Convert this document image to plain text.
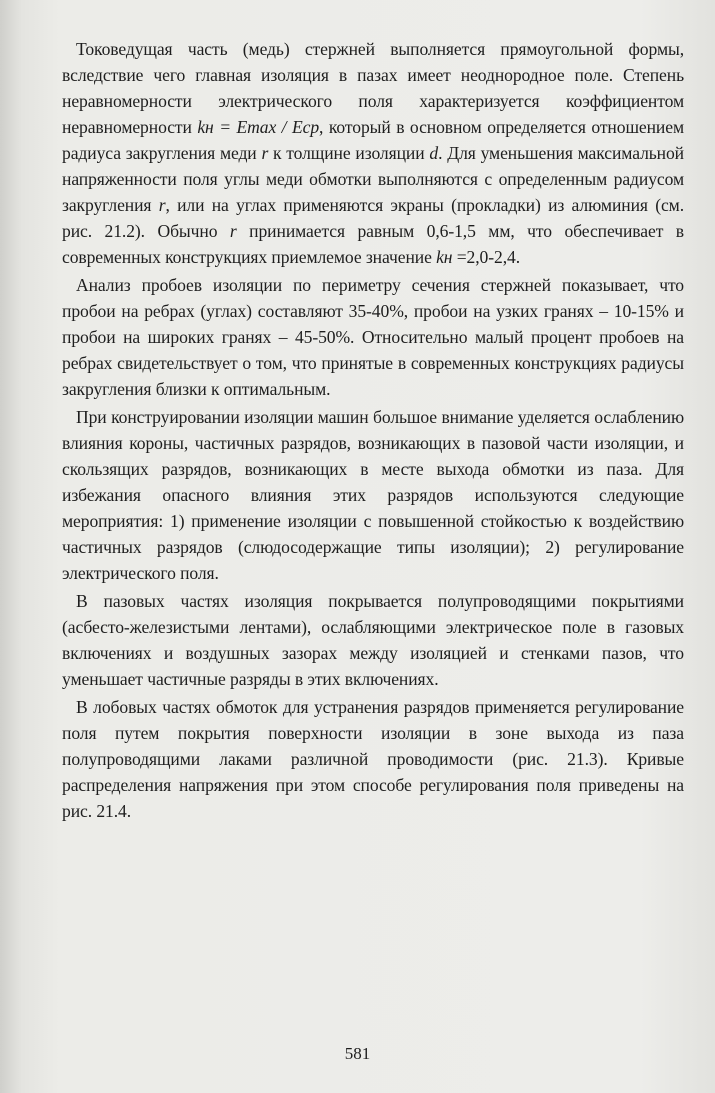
Токоведущая часть (медь) стержней выполняется прямоугольной формы, вследствие чего главная изоляция в пазах имеет неоднородное поле. Степень неравномерности электрического поля характеризуется коэффициентом неравномерности kн = Emax / Eср, который в основном определяется отношением радиуса закругления меди r к толщине изоляции d. Для уменьшения максимальной напряженности поля углы меди обмотки выполняются с определенным радиусом закругления r, или на углах применяются экраны (прокладки) из алюминия (см. рис. 21.2). Обычно r принимается равным 0,6-1,5 мм, что обеспечивает в современных конструкциях приемлемое значение kн =2,0-2,4.

Анализ пробоев изоляции по периметру сечения стержней показывает, что пробои на ребрах (углах) составляют 35-40%, пробои на узких гранях – 10-15% и пробои на широких гранях – 45-50%. Относительно малый процент пробоев на ребрах свидетельствует о том, что принятые в современных конструкциях радиусы закругления близки к оптимальным.

При конструировании изоляции машин большое внимание уделяется ослаблению влияния короны, частичных разрядов, возникающих в пазовой части изоляции, и скользящих разрядов, возникающих в месте выхода обмотки из паза. Для избежания опасного влияния этих разрядов используются следующие мероприятия: 1) применение изоляции с повышенной стойкостью к воздействию частичных разрядов (слюдосодержащие типы изоляции); 2) регулирование электрического поля.

В пазовых частях изоляция покрывается полупроводящими покрытиями (асбесто-железистыми лентами), ослабляющими электрическое поле в газовых включениях и воздушных зазорах между изоляцией и стенками пазов, что уменьшает частичные разряды в этих включениях.

В лобовых частях обмоток для устранения разрядов применяется регулирование поля путем покрытия поверхности изоляции в зоне выхода из паза полупроводящими лаками различной проводимости (рис. 21.3). Кривые распределения напряжения при этом способе регулирования поля приведены на рис. 21.4.

581
